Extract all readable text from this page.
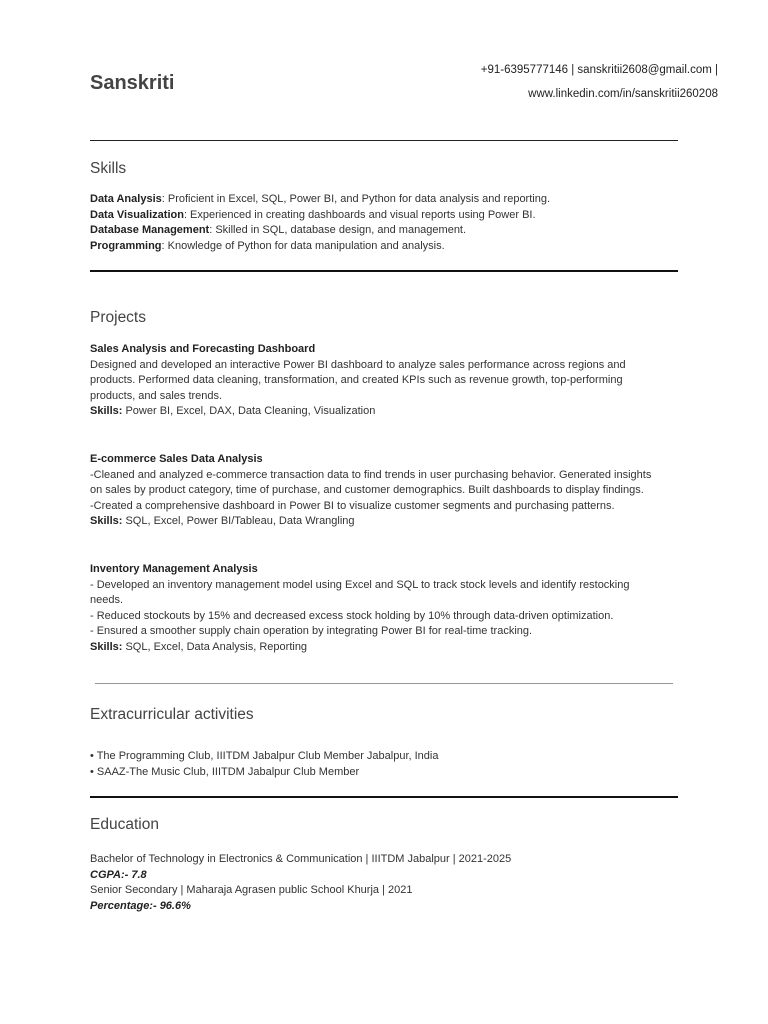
Sanskriti
+91-6395777146 | sanskritii2608@gmail.com |
www.linkedin.com/in/sanskritii260208
Skills
Data Analysis: Proficient in Excel, SQL, Power BI, and Python for data analysis and reporting.
Data Visualization: Experienced in creating dashboards and visual reports using Power BI.
Database Management: Skilled in SQL, database design, and management.
Programming: Knowledge of Python for data manipulation and analysis.
Projects
Sales Analysis and Forecasting Dashboard
Designed and developed an interactive Power BI dashboard to analyze sales performance across regions and
products. Performed data cleaning, transformation, and created KPIs such as revenue growth, top-performing
products, and sales trends.
Skills: Power BI, Excel, DAX, Data Cleaning, Visualization
E-commerce Sales Data Analysis
-Cleaned and analyzed e-commerce transaction data to find trends in user purchasing behavior. Generated insights
on sales by product category, time of purchase, and customer demographics. Built dashboards to display findings.
-Created a comprehensive dashboard in Power BI to visualize customer segments and purchasing patterns.
Skills: SQL, Excel, Power BI/Tableau, Data Wrangling
Inventory Management Analysis
- Developed an inventory management model using Excel and SQL to track stock levels and identify restocking
needs.
- Reduced stockouts by 15% and decreased excess stock holding by 10% through data-driven optimization.
- Ensured a smoother supply chain operation by integrating Power BI for real-time tracking.
Skills: SQL, Excel, Data Analysis, Reporting
Extracurricular activities
• The Programming Club, IIITDM Jabalpur Club Member Jabalpur, India
• SAAZ-The Music Club, IIITDM Jabalpur Club Member
Education
Bachelor of Technology in Electronics & Communication | IIITDM Jabalpur | 2021-2025
CGPA:- 7.8
Senior Secondary | Maharaja Agrasen public School Khurja | 2021
Percentage:- 96.6%
